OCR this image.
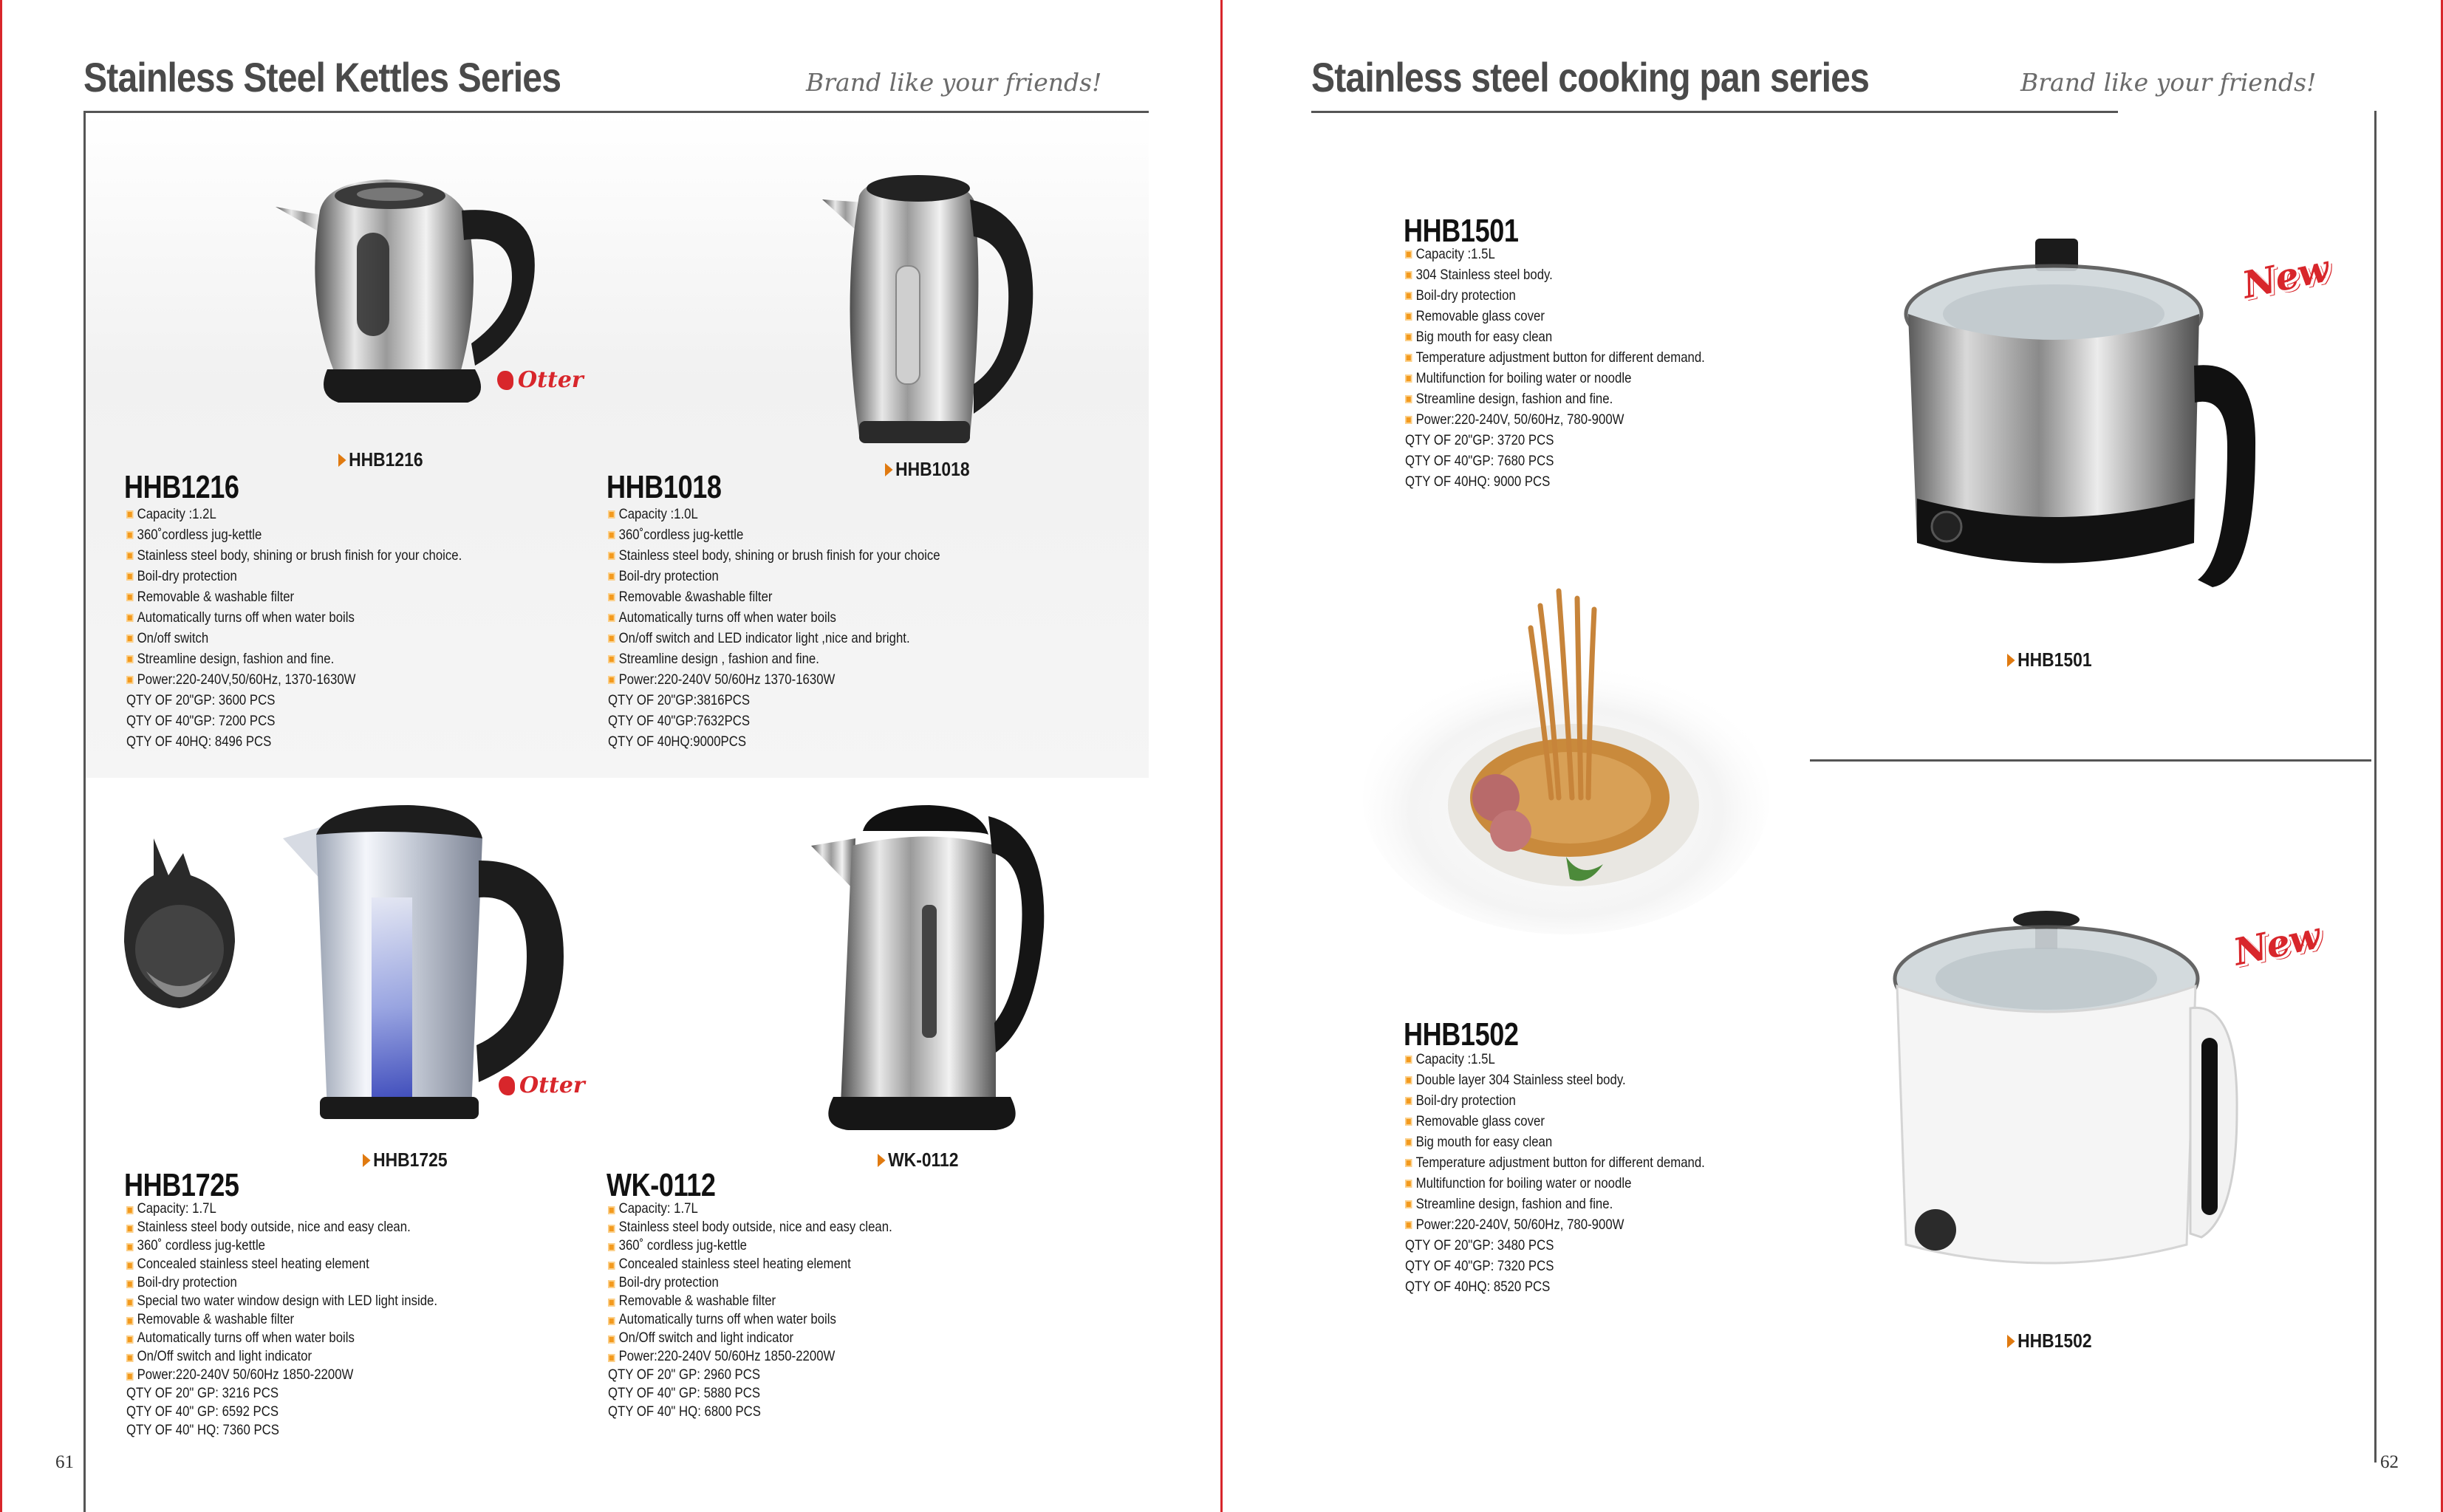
Stainless Steel Kettles Series	Brand like your friends!
Otter
HHB1216
HHB1216
Capacity :1.2L
360˚cordless jug-kettle
Stainless steel body, shining or brush finish for your choice.
Boil-dry protection
Removable & washable filter
Automatically turns off when water boils
On/off switch
Streamline design, fashion and fine.
Power:220-240V,50/60Hz, 1370-1630W
QTY OF 20"GP: 3600 PCS
QTY OF 40"GP: 7200 PCS
QTY OF 40HQ: 8496 PCS
HHB1018
HHB1018
Capacity :1.0L
360˚cordless jug-kettle
Stainless steel body, shining or brush finish for your choice
Boil-dry protection
Removable &washable filter
Automatically turns off when water boils
On/off switch and LED indicator light ,nice and bright.
Streamline design , fashion and fine.
Power:220-240V 50/60Hz 1370-1630W
QTY OF 20"GP:3816PCS
QTY OF 40"GP:7632PCS
QTY OF 40HQ:9000PCS
Otter
HHB1725
HHB1725
Capacity: 1.7L
Stainless steel body outside, nice and easy clean.
360˚ cordless jug-kettle
Concealed stainless steel heating element
Boil-dry protection
Special two water window design with LED light inside.
Removable & washable filter
Automatically turns off when water boils
On/Off switch and light indicator
Power:220-240V 50/60Hz 1850-2200W
QTY OF 20" GP: 3216 PCS
QTY OF 40" GP: 6592 PCS
QTY OF 40" HQ: 7360 PCS
WK-0112
WK-0112
Capacity: 1.7L
Stainless steel body outside, nice and easy clean.
360˚ cordless jug-kettle
Concealed stainless steel heating element
Boil-dry protection
Removable & washable filter
Automatically turns off when water boils
On/Off switch and light indicator
Power:220-240V 50/60Hz 1850-2200W
QTY OF 20" GP: 2960 PCS
QTY OF 40" GP: 5880 PCS
QTY OF 40" HQ: 6800 PCS
61
Stainless steel cooking pan series	Brand like your friends!
HHB1501
Capacity :1.5L
304 Stainless steel body.
Boil-dry protection
Removable glass cover
Big mouth for easy clean
Temperature adjustment button for different demand.
Multifunction for boiling water or noodle
Streamline design, fashion and fine.
Power:220-240V, 50/60Hz, 780-900W
QTY OF 20"GP: 3720 PCS
QTY OF 40"GP: 7680 PCS
QTY OF 40HQ: 9000 PCS
New
HHB1501
New
HHB1502
HHB1502
Capacity :1.5L
Double layer 304 Stainless steel body.
Boil-dry protection
Removable glass cover
Big mouth for easy clean
Temperature adjustment button for different demand.
Multifunction for boiling water or noodle
Streamline design, fashion and fine.
Power:220-240V, 50/60Hz, 780-900W
QTY OF 20"GP: 3480 PCS
QTY OF 40"GP: 7320 PCS
QTY OF 40HQ: 8520 PCS
62
